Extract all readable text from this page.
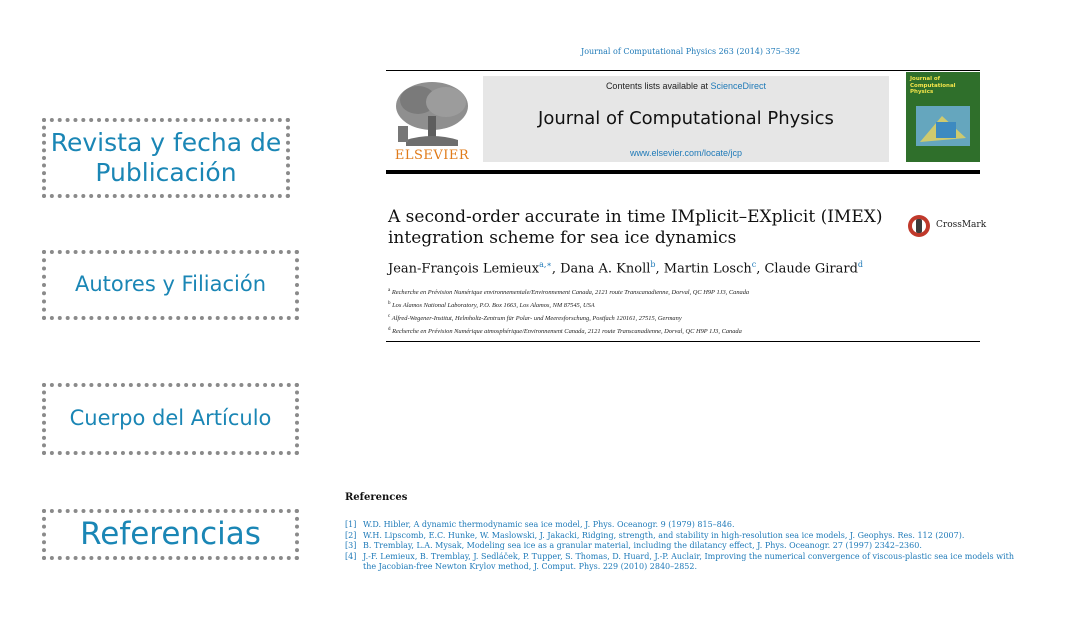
Revista y fecha de Publicación
Autores y Filiación
Cuerpo del Artículo
Referencias
Journal of Computational Physics 263 (2014) 375–392
ELSEVIER
Contents lists available at ScienceDirect
Journal of Computational Physics
www.elsevier.com/locate/jcp
Journal of Computational Physics
A second-order accurate in time IMplicit–EXplicit (IMEX) integration scheme for sea ice dynamics
CrossMark
Jean-François Lemieux$^{a,∗}$, Dana A. Knoll$^b$, Martin Losch$^c$, Claude Girard$^d$
$^a$ Recherche en Prévision Numérique environnementale/Environnement Canada, 2121 route Transcanadienne, Dorval, QC H9P 1J3, Canada
$^b$ Los Alamos National Laboratory, P.O. Box 1663, Los Alamos, NM 87545, USA
$^c$ Alfred-Wegener-Institut, Helmholtz-Zentrum für Polar- und Meeresforschung, Postfach 120161, 27515, Germany
$^d$ Recherche en Prévision Numérique atmosphérique/Environnement Canada, 2121 route Transcanadienne, Dorval, QC H9P 1J3, Canada
References
[1] W.D. Hibler, A dynamic thermodynamic sea ice model, J. Phys. Oceanogr. 9 (1979) 815–846.
[2] W.H. Lipscomb, E.C. Hunke, W. Maslowski, J. Jakacki, Ridging, strength, and stability in high-resolution sea ice models, J. Geophys. Res. 112 (2007).
[3] B. Tremblay, L.A. Mysak, Modeling sea ice as a granular material, including the dilatancy effect, J. Phys. Oceanogr. 27 (1997) 2342–2360.
[4] J.-F. Lemieux, B. Tremblay, J. Sedláček, P. Tupper, S. Thomas, D. Huard, J.-P. Auclair, Improving the numerical convergence of viscous-plastic sea ice models with the Jacobian-free Newton Krylov method, J. Comput. Phys. 229 (2010) 2840–2852.
